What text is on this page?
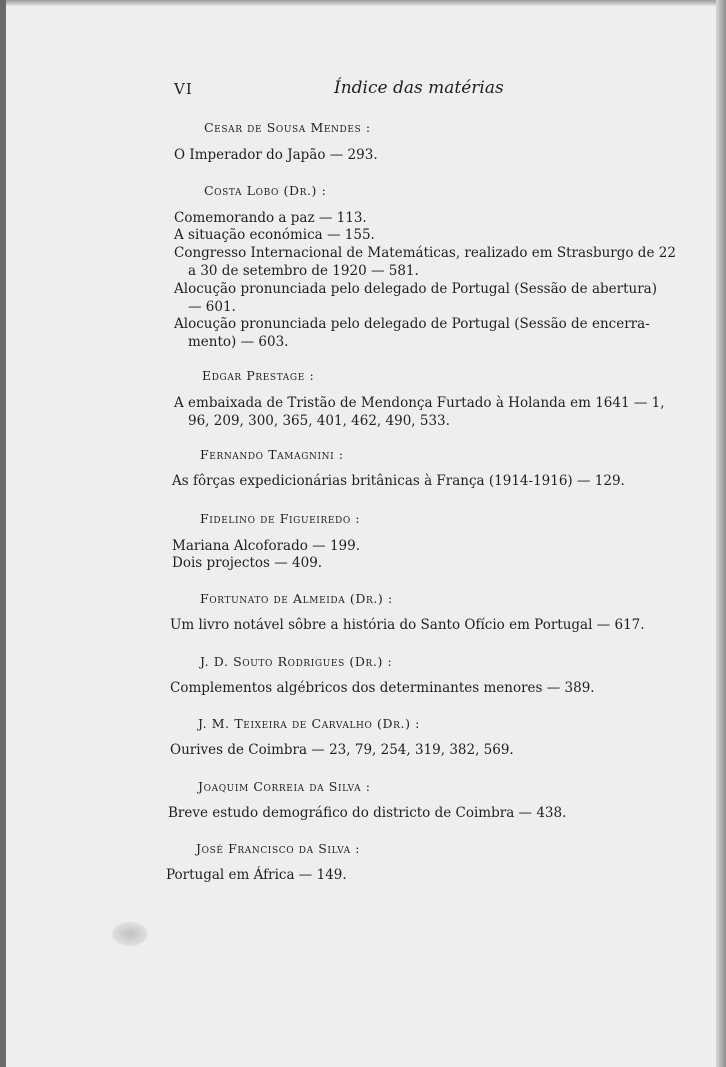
VI	Índice das matérias
Cesar de Sousa Mendes :
O Imperador do Japão — 293.
Costa Lobo (Dr.) :
Comemorando a paz — 113.
A situação económica — 155.
Congresso Internacional de Matemáticas, realizado em Strasburgo de 22
a 30 de setembro de 1920 — 581.
Alocução pronunciada pelo delegado de Portugal (Sessão de abertura)
— 601.
Alocução pronunciada pelo delegado de Portugal (Sessão de encerra-
mento) — 603.
Edgar Prestage :
A embaixada de Tristão de Mendonça Furtado à Holanda em 1641 — 1,
96, 209, 300, 365, 401, 462, 490, 533.
Fernando Tamagnini :
As fôrças expedicionárias britânicas à França (1914-1916) — 129.
Fidelino de Figueiredo :
Mariana Alcoforado — 199.
Dois projectos — 409.
Fortunato de Almeida (Dr.) :
Um livro notável sôbre a história do Santo Ofício em Portugal — 617.
J. D. Souto Rodrigues (Dr.) :
Complementos algébricos dos determinantes menores — 389.
J. M. Teixeira de Carvalho (Dr.) :
Ourives de Coimbra — 23, 79, 254, 319, 382, 569.
Joaquim Correia da Silva :
Breve estudo demográfico do districto de Coimbra — 438.
José Francisco da Silva :
Portugal em África — 149.
